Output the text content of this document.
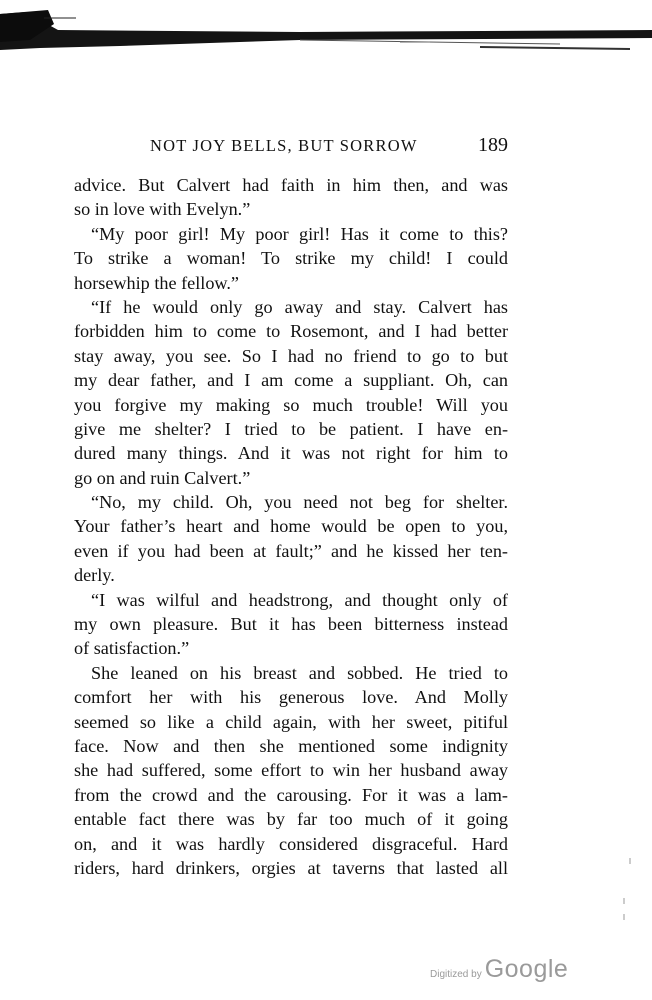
NOT JOY BELLS, BUT SORROW	189
advice. But Calvert had faith in him then, and was
so in love with Evelyn.”
“My poor girl! My poor girl! Has it come to this?
To strike a woman! To strike my child! I could
horsewhip the fellow.”
“If he would only go away and stay. Calvert has
forbidden him to come to Rosemont, and I had better
stay away, you see. So I had no friend to go to but
my dear father, and I am come a suppliant. Oh, can
you forgive my making so much trouble! Will you
give me shelter? I tried to be patient. I have en-
dured many things. And it was not right for him to
go on and ruin Calvert.”
“No, my child. Oh, you need not beg for shelter.
Your father’s heart and home would be open to you,
even if you had been at fault;” and he kissed her ten-
derly.
“I was wilful and headstrong, and thought only of
my own pleasure. But it has been bitterness instead
of satisfaction.”
She leaned on his breast and sobbed. He tried to
comfort her with his generous love. And Molly
seemed so like a child again, with her sweet, pitiful
face. Now and then she mentioned some indignity
she had suffered, some effort to win her husband away
from the crowd and the carousing. For it was a lam-
entable fact there was by far too much of it going
on, and it was hardly considered disgraceful. Hard
riders, hard drinkers, orgies at taverns that lasted all
Digitized by Google
